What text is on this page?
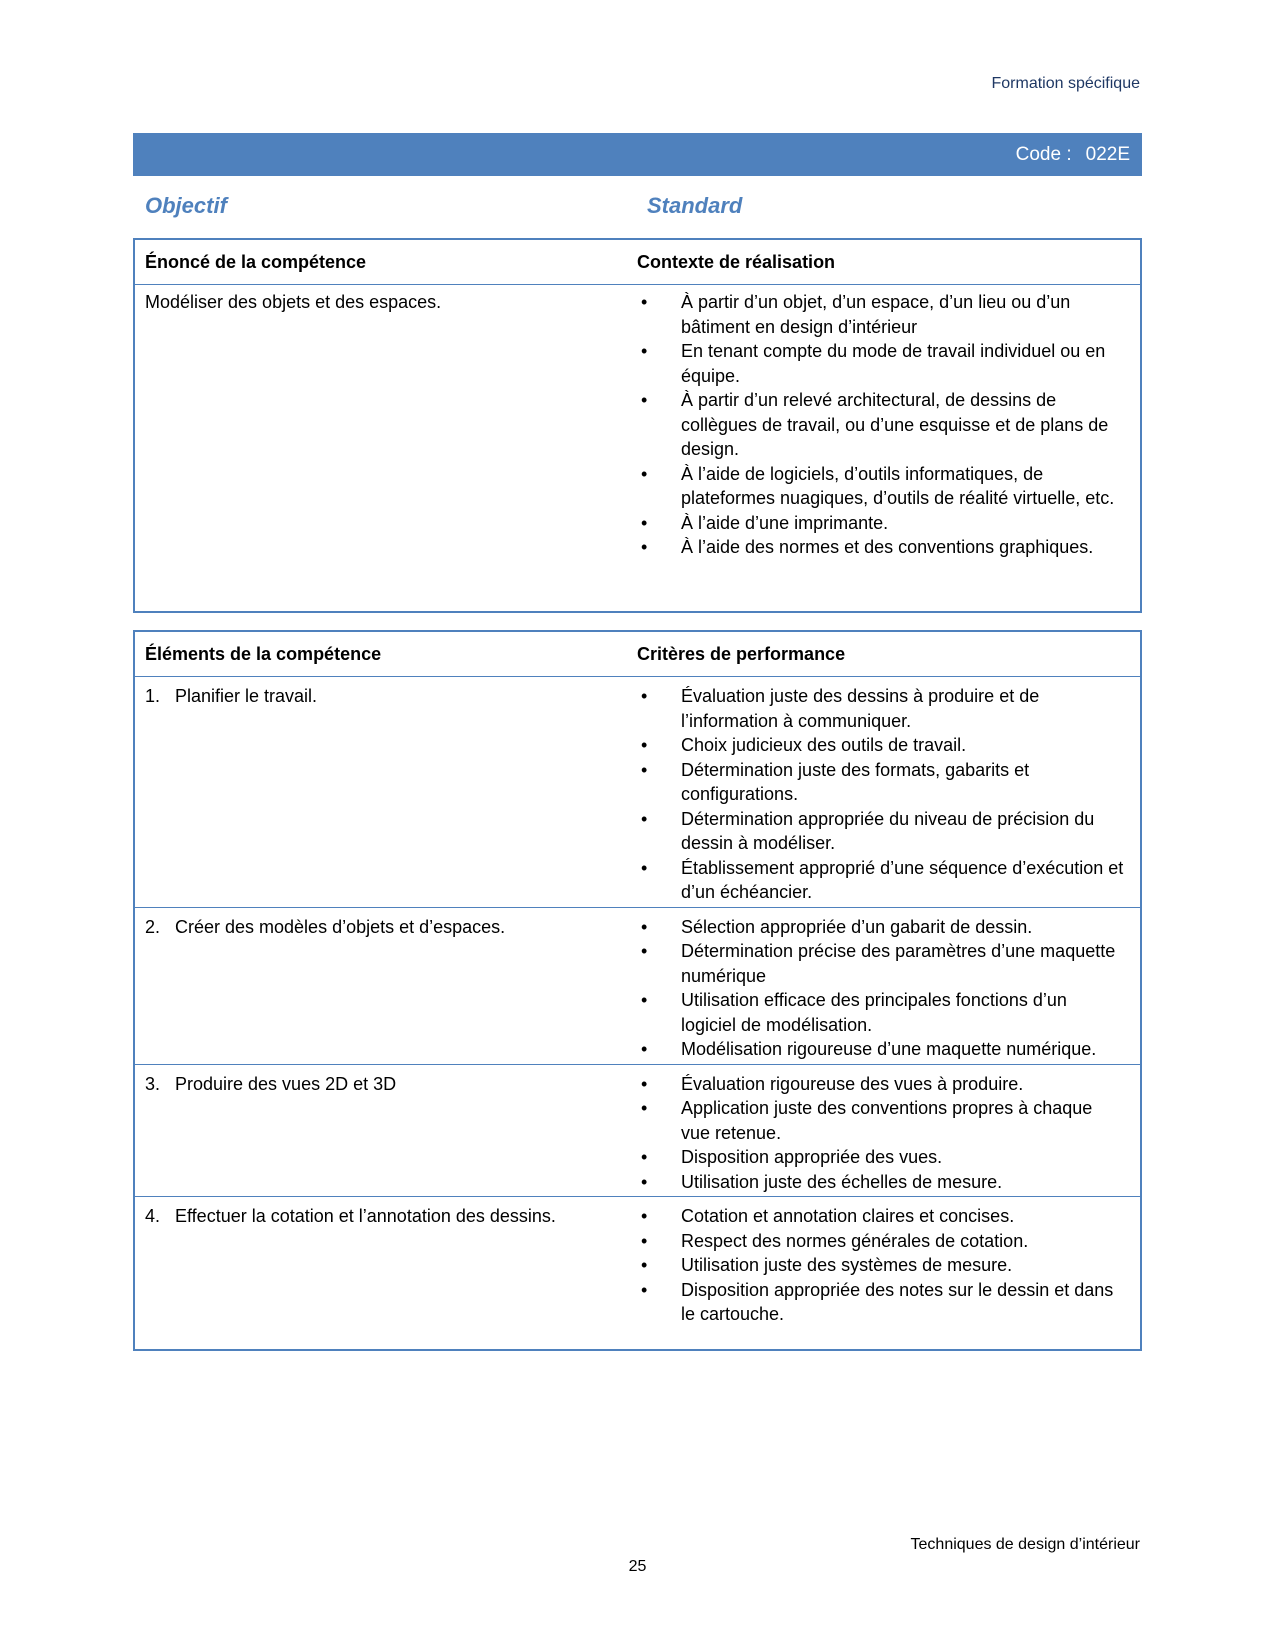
Formation spécifique
Code : 022E
Objectif	Standard
Énoncé de la compétence	Contexte de réalisation
Modéliser des objets et des espaces.	• À partir d’un objet, d’un espace, d’un lieu ou d’un bâtiment en design d’intérieur
• En tenant compte du mode de travail individuel ou en équipe.
• À partir d’un relevé architectural, de dessins de collègues de travail, ou d’une esquisse et de plans de design.
• À l’aide de logiciels, d’outils informatiques, de plateformes nuagiques, d’outils de réalité virtuelle, etc.
• À l’aide d’une imprimante.
• À l’aide des normes et des conventions graphiques.
Éléments de la compétence	Critères de performance
1. Planifier le travail.	• Évaluation juste des dessins à produire et de l’information à communiquer.
• Choix judicieux des outils de travail.
• Détermination juste des formats, gabarits et configurations.
• Détermination appropriée du niveau de précision du dessin à modéliser.
• Établissement approprié d’une séquence d’exécution et d’un échéancier.
2. Créer des modèles d’objets et d’espaces.	• Sélection appropriée d’un gabarit de dessin.
• Détermination précise des paramètres d’une maquette numérique
• Utilisation efficace des principales fonctions d’un logiciel de modélisation.
• Modélisation rigoureuse d’une maquette numérique.
3. Produire des vues 2D et 3D	• Évaluation rigoureuse des vues à produire.
• Application juste des conventions propres à chaque vue retenue.
• Disposition appropriée des vues.
• Utilisation juste des échelles de mesure.
4. Effectuer la cotation et l’annotation des dessins.	• Cotation et annotation claires et concises.
• Respect des normes générales de cotation.
• Utilisation juste des systèmes de mesure.
• Disposition appropriée des notes sur le dessin et dans le cartouche.
Techniques de design d’intérieur
25
